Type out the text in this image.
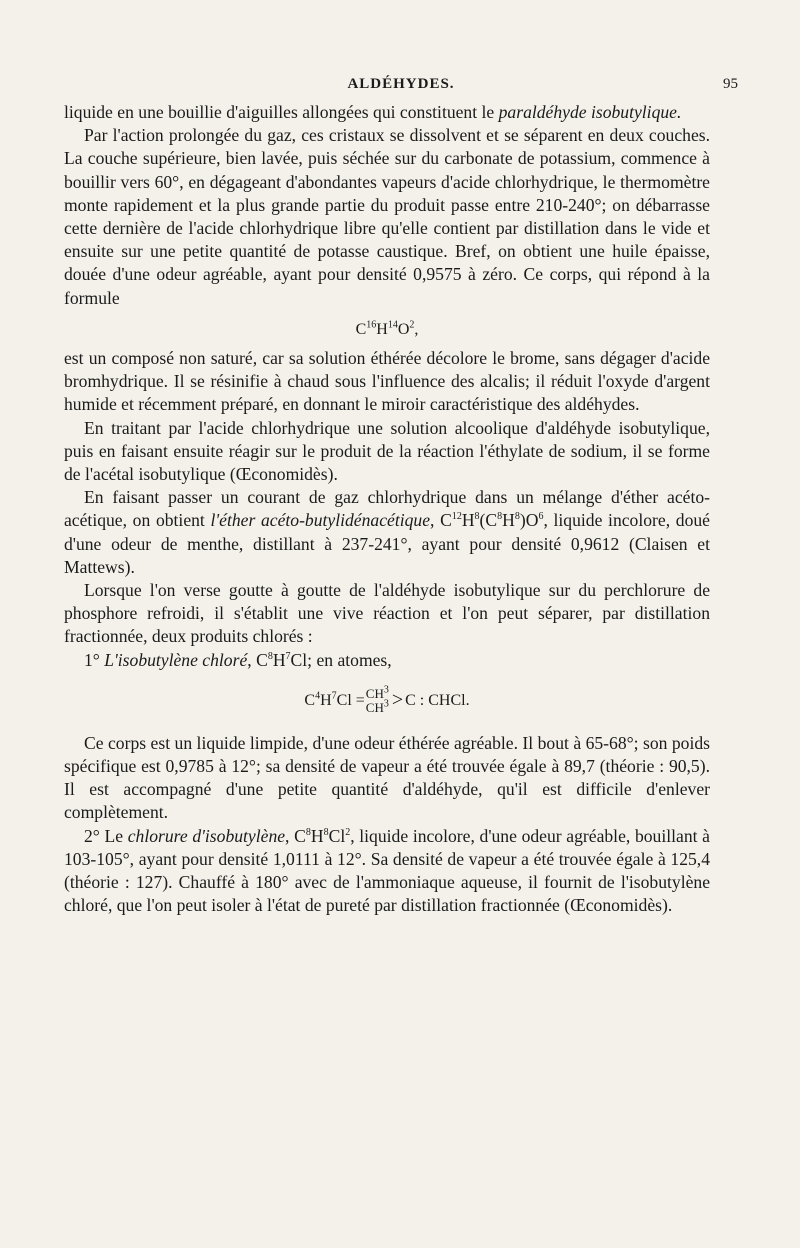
ALDÉHYDES.	95

liquide en une bouillie d'aiguilles allongées qui constituent le paraldéhyde isobutylique.

Par l'action prolongée du gaz, ces cristaux se dissolvent et se séparent en deux couches. La couche supérieure, bien lavée, puis séchée sur du carbonate de potassium, commence à bouillir vers 60°, en dégageant d'abondantes vapeurs d'acide chlorhydrique, le thermomètre monte rapidement et la plus grande partie du produit passe entre 210-240°; on débarrasse cette dernière de l'acide chlorhydrique libre qu'elle contient par distillation dans le vide et ensuite sur une petite quantité de potasse caustique. Bref, on obtient une huile épaisse, douée d'une odeur agréable, ayant pour densité 0,9575 à zéro. Ce corps, qui répond à la formule

$C^{16}H^{14}O^2$,

est un composé non saturé, car sa solution éthérée décolore le brome, sans dégager d'acide bromhydrique. Il se résinifie à chaud sous l'influence des alcalis; il réduit l'oxyde d'argent humide et récemment préparé, en donnant le miroir caractéristique des aldéhydes.

En traitant par l'acide chlorhydrique une solution alcoolique d'aldéhyde isobutylique, puis en faisant ensuite réagir sur le produit de la réaction l'éthylate de sodium, il se forme de l'acétal isobutylique (Œconomidès).

En faisant passer un courant de gaz chlorhydrique dans un mélange d'éther acéto-acétique, on obtient l'éther acéto-butylidénacétique, $C^{12}H^8(C^8H^8)O^6$, liquide incolore, doué d'une odeur de menthe, distillant à 237-241°, ayant pour densité 0,9612 (Claisen et Mattews).

Lorsque l'on verse goutte à goutte de l'aldéhyde isobutylique sur du perchlorure de phosphore refroidi, il s'établit une vive réaction et l'on peut séparer, par distillation fractionnée, deux produits chlorés :

1° L'isobutylène chloré, $C^8H^7Cl$; en atomes,

$C^4H^7Cl = CH^3$
$CH^3 > C$ : CHCl.

Ce corps est un liquide limpide, d'une odeur éthérée agréable. Il bout à 65-68°; son poids spécifique est 0,9785 à 12°; sa densité de vapeur a été trouvée égale à 89,7 (théorie : 90,5). Il est accompagné d'une petite quantité d'aldéhyde, qu'il est difficile d'enlever complètement.

2° Le chlorure d'isobutylène, $C^8H^8Cl^2$, liquide incolore, d'une odeur agréable, bouillant à 103-105°, ayant pour densité 1,0111 à 12°. Sa densité de vapeur a été trouvée égale à 125,4 (théorie : 127). Chauffé à 180° avec de l'ammoniaque aqueuse, il fournit de l'isobutylène chloré, que l'on peut isoler à l'état de pureté par distillation fractionnée (Œconomidès).
